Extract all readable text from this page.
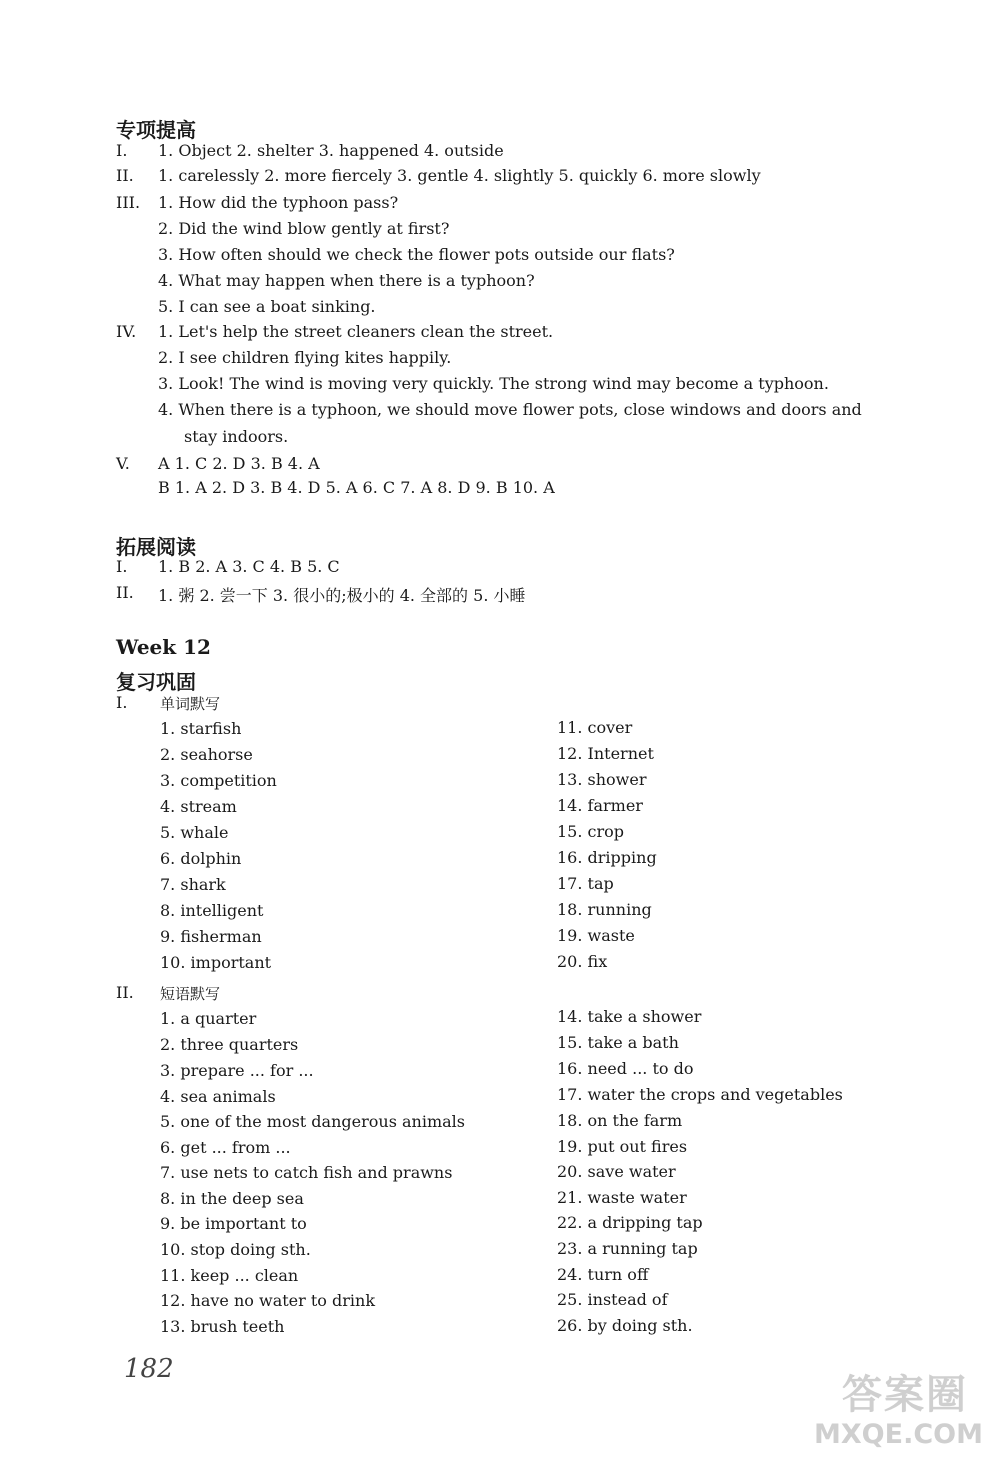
专项提高
I. 1. Object 2. shelter 3. happened 4. outside
II. 1. carelessly 2. more fiercely 3. gentle 4. slightly 5. quickly 6. more slowly
III. 1. How did the typhoon pass?
2. Did the wind blow gently at first?
3. How often should we check the flower pots outside our flats?
4. What may happen when there is a typhoon?
5. I can see a boat sinking.
IV. 1. Let's help the street cleaners clean the street.
2. I see children flying kites happily.
3. Look! The wind is moving very quickly. The strong wind may become a typhoon.
4. When there is a typhoon, we should move flower pots, close windows and doors and
stay indoors.
V. A 1. C 2. D 3. B 4. A
B 1. A 2. D 3. B 4. D 5. A 6. C 7. A 8. D 9. B 10. A
拓展阅读
I. 1. B 2. A 3. C 4. B 5. C
II. 1. 粥 2. 尝一下 3. 很小的;极小的 4. 全部的 5. 小睡
Week 12
复习巩固
I. 单词默写
1. starfish
2. seahorse
3. competition
4. stream
5. whale
6. dolphin
7. shark
8. intelligent
9. fisherman
10. important
11. cover
12. Internet
13. shower
14. farmer
15. crop
16. dripping
17. tap
18. running
19. waste
20. fix
II. 短语默写
1. a quarter
2. three quarters
3. prepare ... for ...
4. sea animals
5. one of the most dangerous animals
6. get ... from ...
7. use nets to catch fish and prawns
8. in the deep sea
9. be important to
10. stop doing sth.
11. keep ... clean
12. have no water to drink
13. brush teeth
14. take a shower
15. take a bath
16. need ... to do
17. water the crops and vegetables
18. on the farm
19. put out fires
20. save water
21. waste water
22. a dripping tap
23. a running tap
24. turn off
25. instead of
26. by doing sth.
182
答案圈
MXQE.COM
